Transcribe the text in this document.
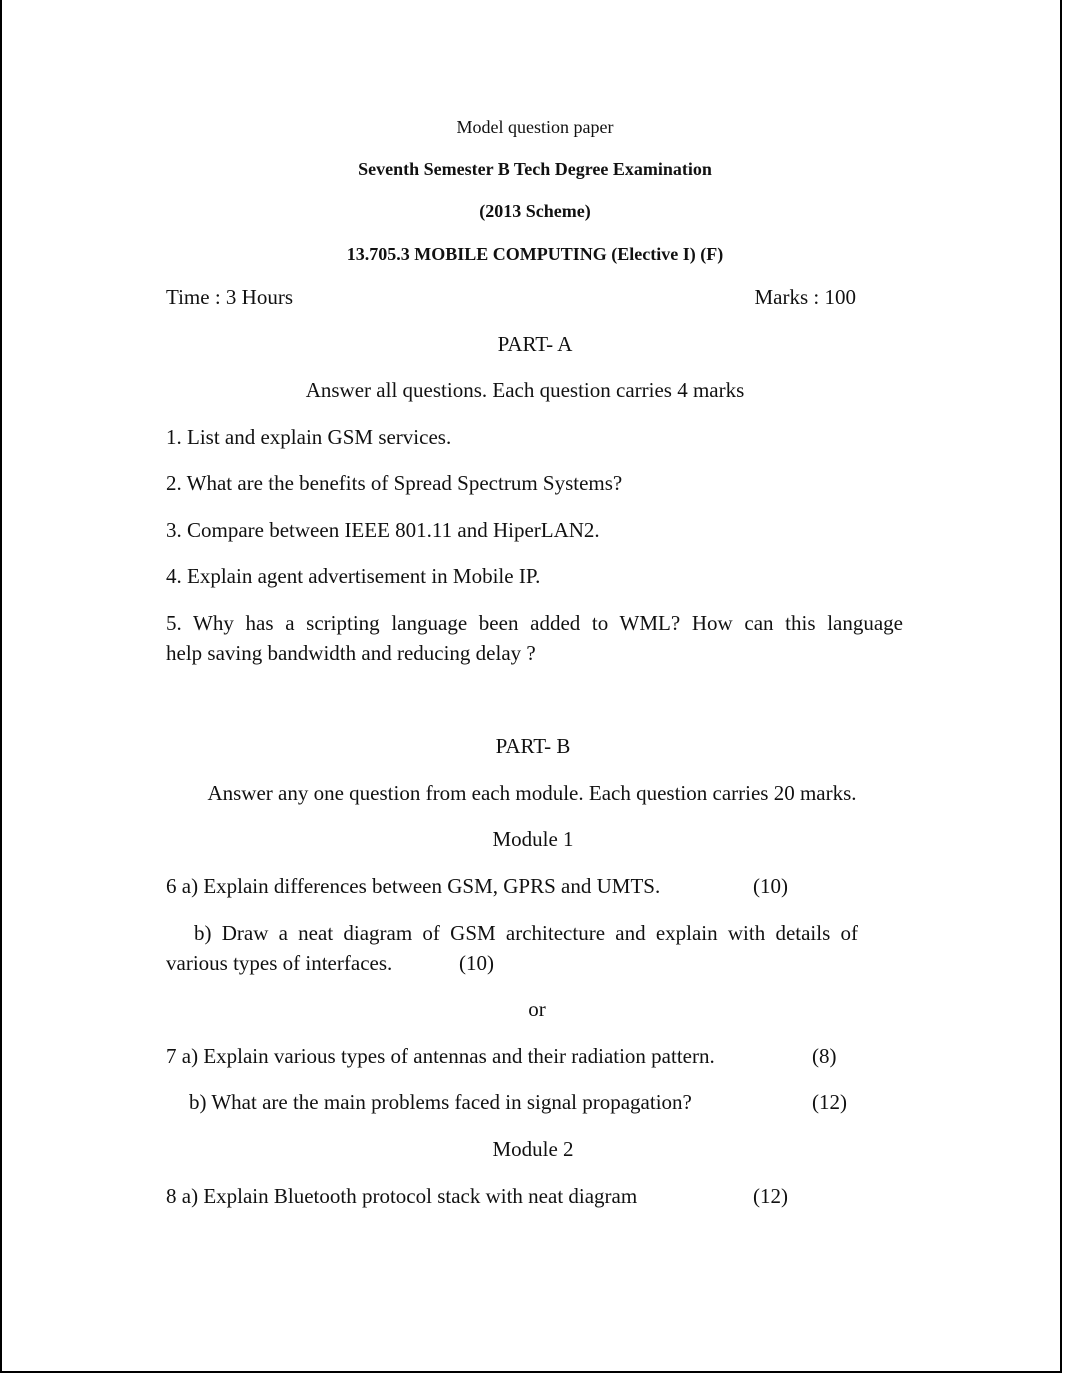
Model question paper
Seventh Semester B Tech Degree Examination
(2013 Scheme)
13.705.3 MOBILE COMPUTING (Elective I) (F)
Time : 3 Hours	Marks : 100
PART- A
Answer all questions. Each question carries 4 marks
1. List and explain GSM services.
2. What are the benefits of Spread Spectrum Systems?
3. Compare between IEEE 801.11 and HiperLAN2.
4. Explain agent advertisement in Mobile IP.
5. Why has a scripting language been added to WML? How can this language
help saving bandwidth and reducing delay ?
PART- B
Answer any one question from each module. Each question carries 20 marks.
Module 1
6 a) Explain differences between GSM, GPRS and UMTS.	(10)
b) Draw a neat diagram of GSM architecture and explain with details of
various types of interfaces.	(10)
or
7 a) Explain various types of antennas and their radiation pattern.	(8)
b) What are the main problems faced in signal propagation?	(12)
Module 2
8 a) Explain Bluetooth protocol stack with neat diagram	(12)
